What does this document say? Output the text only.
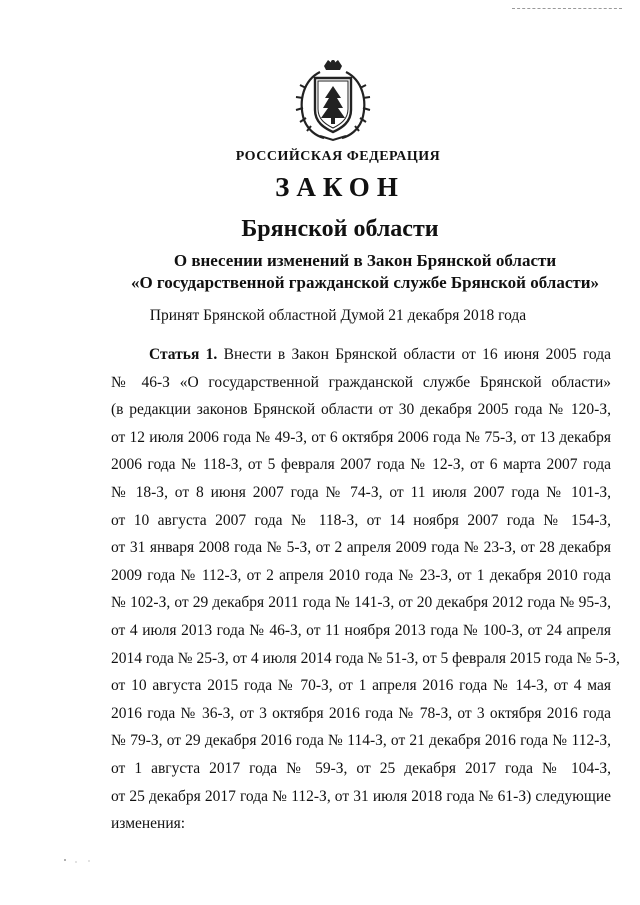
РОССИЙСКАЯ ФЕДЕРАЦИЯ
ЗАКОН
Брянской области
О внесении изменений в Закон Брянской области
«О государственной гражданской службе Брянской области»
Принят Брянской областной Думой 21 декабря 2018 года
Статья 1. Внести в Закон Брянской области от 16 июня 2005 года
№ 46-З «О государственной гражданской службе Брянской области»
(в редакции законов Брянской области от 30 декабря 2005 года № 120-З,
от 12 июля 2006 года № 49-З, от 6 октября 2006 года № 75-З, от 13 декабря
2006 года № 118-З, от 5 февраля 2007 года № 12-З, от 6 марта 2007 года
№ 18-З, от 8 июня 2007 года № 74-З, от 11 июля 2007 года № 101-З,
от 10 августа 2007 года № 118-З, от 14 ноября 2007 года № 154-З,
от 31 января 2008 года № 5-З, от 2 апреля 2009 года № 23-З, от 28 декабря
2009 года № 112-З, от 2 апреля 2010 года № 23-З, от 1 декабря 2010 года
№ 102-З, от 29 декабря 2011 года № 141-З, от 20 декабря 2012 года № 95-З,
от 4 июля 2013 года № 46-З, от 11 ноября 2013 года № 100-З, от 24 апреля
2014 года № 25-З, от 4 июля 2014 года № 51-З, от 5 февраля 2015 года № 5-З,
от 10 августа 2015 года № 70-З, от 1 апреля 2016 года № 14-З, от 4 мая
2016 года № 36-З, от 3 октября 2016 года № 78-З, от 3 октября 2016 года
№ 79-З, от 29 декабря 2016 года № 114-З, от 21 декабря 2016 года № 112-З,
от 1 августа 2017 года № 59-З, от 25 декабря 2017 года № 104-З,
от 25 декабря 2017 года № 112-З, от 31 июля 2018 года № 61-З) следующие
изменения:
